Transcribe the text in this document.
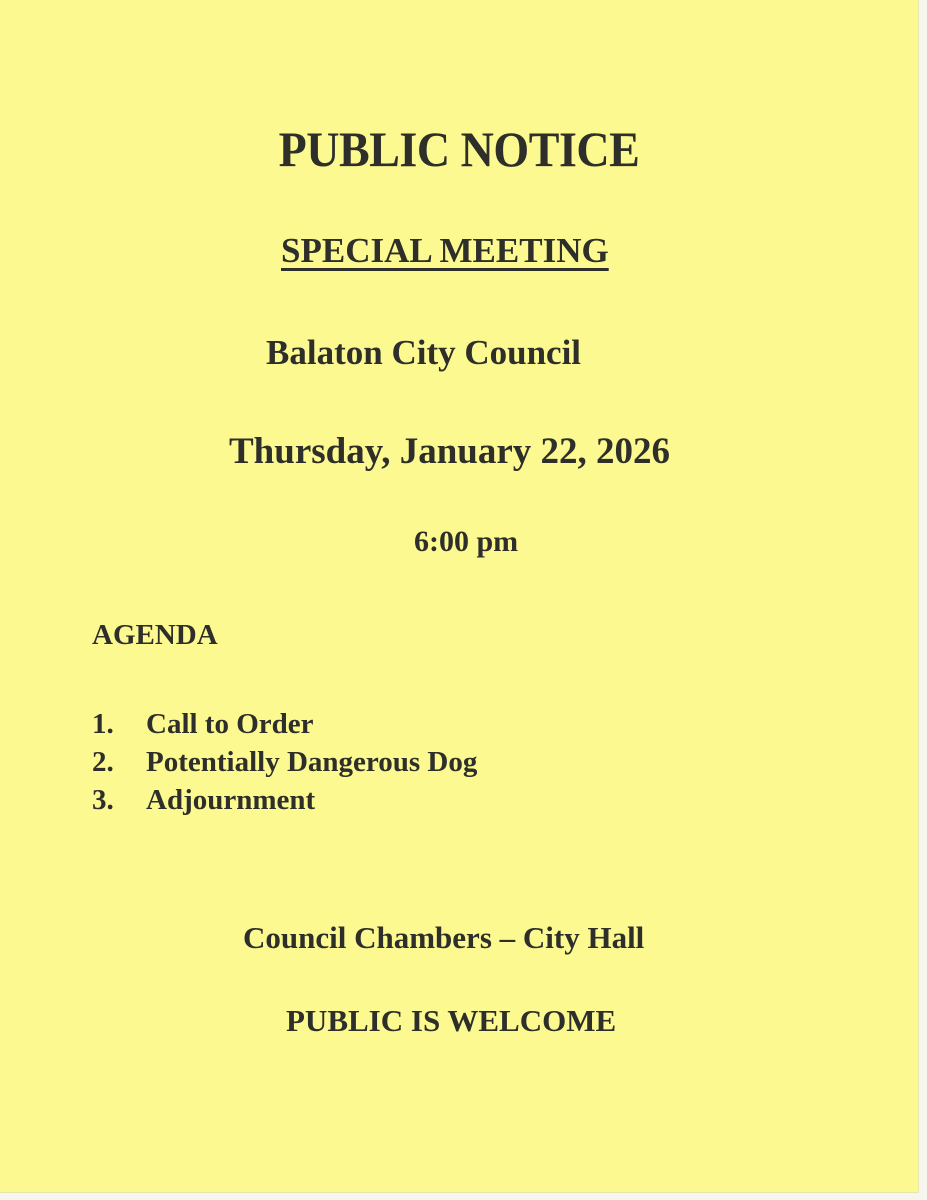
PUBLIC NOTICE
SPECIAL MEETING
Balaton City Council
Thursday, January 22, 2026
6:00 pm
AGENDA
1.	Call to Order
2.	Potentially Dangerous Dog
3.	Adjournment
Council Chambers – City Hall
PUBLIC IS WELCOME
